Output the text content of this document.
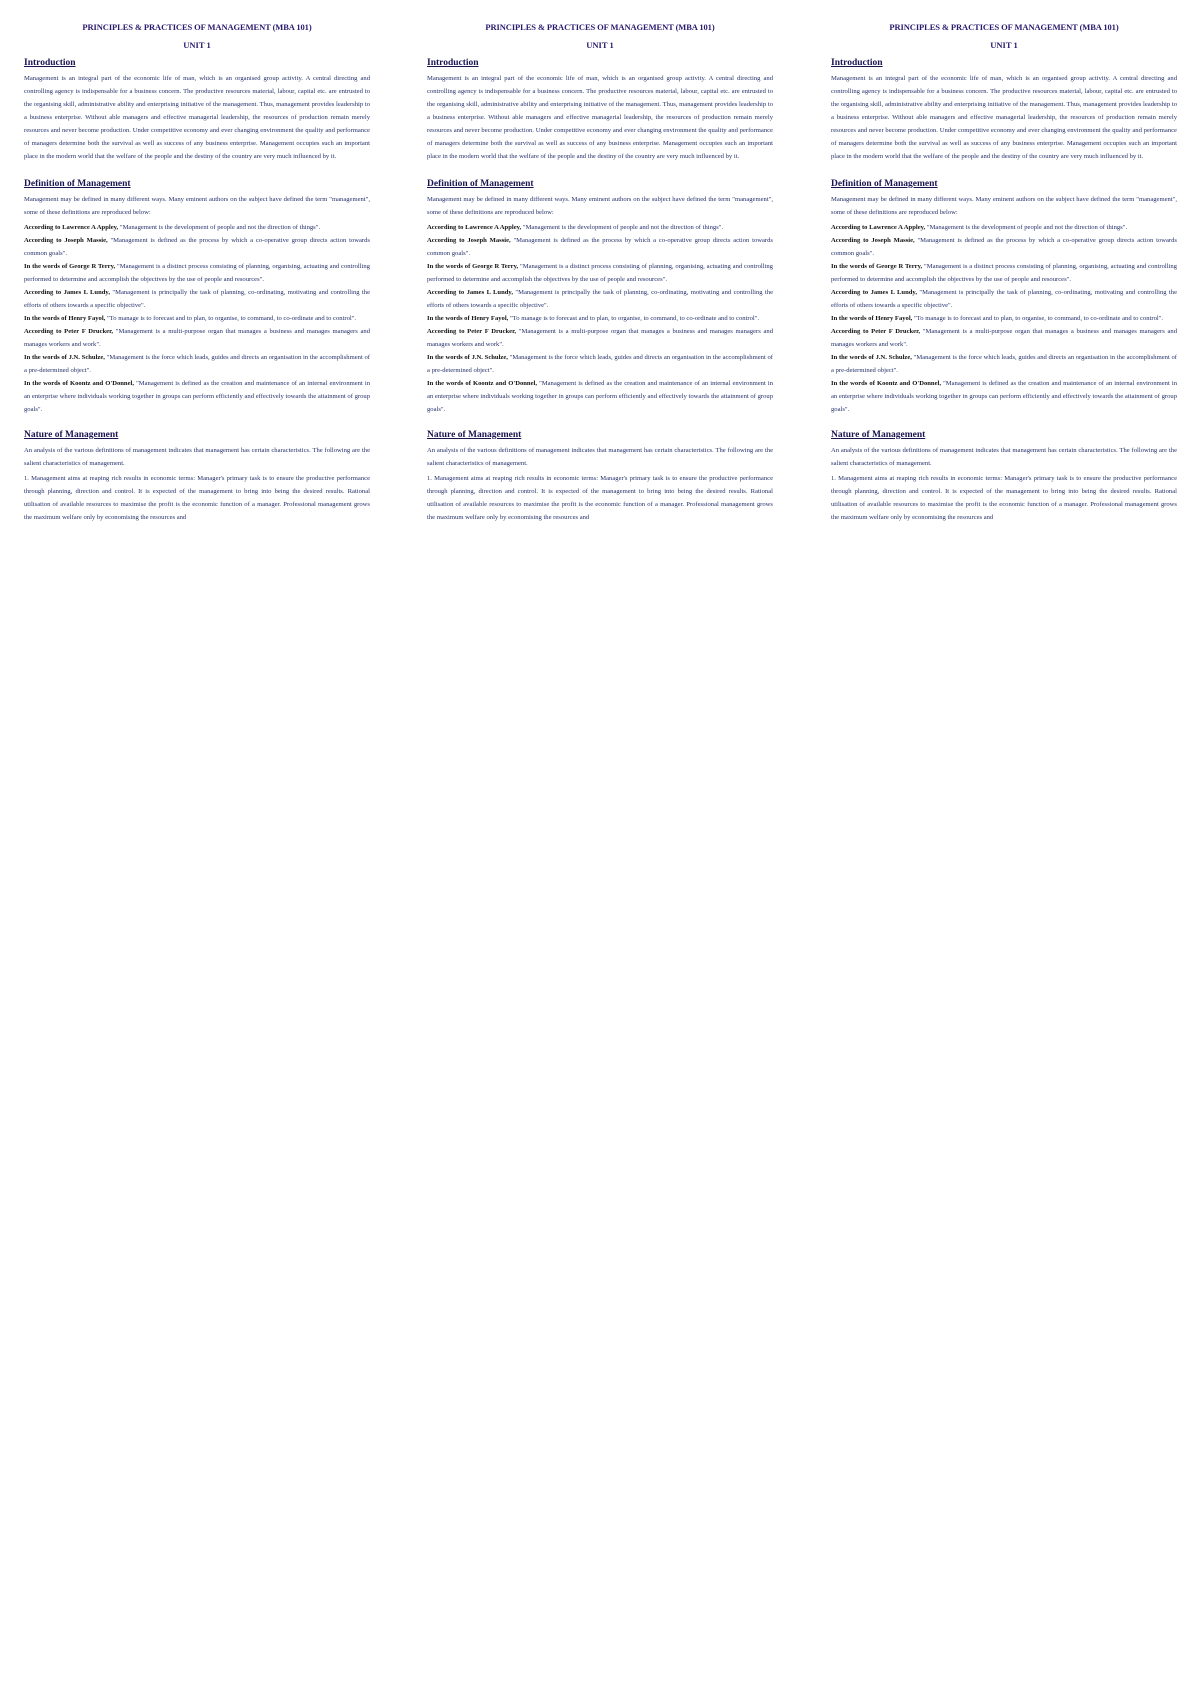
PRINCIPLES & PRACTICES OF MANAGEMENT (MBA 101)
UNIT 1
Introduction
Management is an integral part of the economic life of man, which is an organised group activity. A central directing and controlling agency is indispensable for a business concern. The productive resources material, labour, capital etc. are entrusted to the organising skill, administrative ability and enterprising initiative of the management. Thus, management provides leadership to a business enterprise. Without able managers and effective managerial leadership, the resources of production remain merely resources and never become production. Under competitive economy and ever changing environment the quality and performance of managers determine both the survival as well as success of any business enterprise. Management occupies such an important place in the modern world that the welfare of the people and the destiny of the country are very much influenced by it.
Definition of Management
Management may be defined in many different ways. Many eminent authors on the subject have defined the term "management", some of these definitions are reproduced below:

According to Lawrence A Appley, "Management is the development of people and not the direction of things".

According to Joseph Massie, "Management is defined as the process by which a co-operative group directs action towards common goals".

In the words of George R Terry, "Management is a distinct process consisting of planning, organising, actuating and controlling performed to determine and accomplish the objectives by the use of people and resources".

According to James L Lundy, "Management is principally the task of planning, co-ordinating, motivating and controlling the efforts of others towards a specific objective".

In the words of Henry Fayol, "To manage is to forecast and to plan, to organise, to command, to co-ordinate and to control".

According to Peter F Drucker, "Management is a multi-purpose organ that manages a business and manages managers and manages workers and work".

In the words of J.N. Schulze, "Management is the force which leads, guides and directs an organisation in the accomplishment of a pre-determined object".

In the words of Koontz and O'Donnel, "Management is defined as the creation and maintenance of an internal environment in an enterprise where individuals working together in groups can perform efficiently and effectively towards the attainment of group goals".

Nature of Management
An analysis of the various definitions of management indicates that management has certain characteristics. The following are the salient characteristics of management.
1. Management aims at reaping rich results in economic terms: Manager's primary task is to ensure the productive performance through planning, direction and control. It is expected of the management to bring into being the desired results. Rational utilisation of available resources to maximise the profit is the economic function of a manager. Professional management grows the maximum welfare only by economising the resources and
PRINCIPLES & PRACTICES OF MANAGEMENT (MBA 101)
UNIT 1
Introduction
Management is an integral part of the economic life of man, which is an organised group activity. A central directing and controlling agency is indispensable for a business concern. The productive resources material, labour, capital etc. are entrusted to the organising skill, administrative ability and enterprising initiative of the management. Thus, management provides leadership to a business enterprise. Without able managers and effective managerial leadership, the resources of production remain merely resources and never become production. Under competitive economy and ever changing environment the quality and performance of managers determine both the survival as well as success of any business enterprise. Management occupies such an important place in the modern world that the welfare of the people and the destiny of the country are very much influenced by it.
Definition of Management
Management may be defined in many different ways. Many eminent authors on the subject have defined the term "management", some of these definitions are reproduced below:

According to Lawrence A Appley, "Management is the development of people and not the direction of things".

According to Joseph Massie, "Management is defined as the process by which a co-operative group directs action towards common goals".

In the words of George R Terry, "Management is a distinct process consisting of planning, organising, actuating and controlling performed to determine and accomplish the objectives by the use of people and resources".

According to James L Lundy, "Management is principally the task of planning, co-ordinating, motivating and controlling the efforts of others towards a specific objective".

In the words of Henry Fayol, "To manage is to forecast and to plan, to organise, to command, to co-ordinate and to control".

According to Peter F Drucker, "Management is a multi-purpose organ that manages a business and manages managers and manages workers and work".

In the words of J.N. Schulze, "Management is the force which leads, guides and directs an organisation in the accomplishment of a pre-determined object".

In the words of Koontz and O'Donnel, "Management is defined as the creation and maintenance of an internal environment in an enterprise where individuals working together in groups can perform efficiently and effectively towards the attainment of group goals".

Nature of Management
An analysis of the various definitions of management indicates that management has certain characteristics. The following are the salient characteristics of management.
1. Management aims at reaping rich results in economic terms: Manager's primary task is to ensure the productive performance through planning, direction and control. It is expected of the management to bring into being the desired results. Rational utilisation of available resources to maximise the profit is the economic function of a manager. Professional management grows the maximum welfare only by economising the resources and
PRINCIPLES & PRACTICES OF MANAGEMENT (MBA 101)
UNIT 1
Introduction
Management is an integral part of the economic life of man, which is an organised group activity. A central directing and controlling agency is indispensable for a business concern. The productive resources material, labour, capital etc. are entrusted to the organising skill, administrative ability and enterprising initiative of the management. Thus, management provides leadership to a business enterprise. Without able managers and effective managerial leadership, the resources of production remain merely resources and never become production. Under competitive economy and ever changing environment the quality and performance of managers determine both the survival as well as success of any business enterprise. Management occupies such an important place in the modern world that the welfare of the people and the destiny of the country are very much influenced by it.
Definition of Management
Management may be defined in many different ways. Many eminent authors on the subject have defined the term "management", some of these definitions are reproduced below:

According to Lawrence A Appley, "Management is the development of people and not the direction of things".

According to Joseph Massie, "Management is defined as the process by which a co-operative group directs action towards common goals".

In the words of George R Terry, "Management is a distinct process consisting of planning, organising, actuating and controlling performed to determine and accomplish the objectives by the use of people and resources".

According to James L Lundy, "Management is principally the task of planning, co-ordinating, motivating and controlling the efforts of others towards a specific objective".

In the words of Henry Fayol, "To manage is to forecast and to plan, to organise, to command, to co-ordinate and to control".

According to Peter F Drucker, "Management is a multi-purpose organ that manages a business and manages managers and manages workers and work".

In the words of J.N. Schulze, "Management is the force which leads, guides and directs an organisation in the accomplishment of a pre-determined object".

In the words of Koontz and O'Donnel, "Management is defined as the creation and maintenance of an internal environment in an enterprise where individuals working together in groups can perform efficiently and effectively towards the attainment of group goals".

Nature of Management
An analysis of the various definitions of management indicates that management has certain characteristics. The following are the salient characteristics of management.
1. Management aims at reaping rich results in economic terms: Manager's primary task is to ensure the productive performance through planning, direction and control. It is expected of the management to bring into being the desired results. Rational utilisation of available resources to maximise the profit is the economic function of a manager. Professional management grows the maximum welfare only by economising the resources and
